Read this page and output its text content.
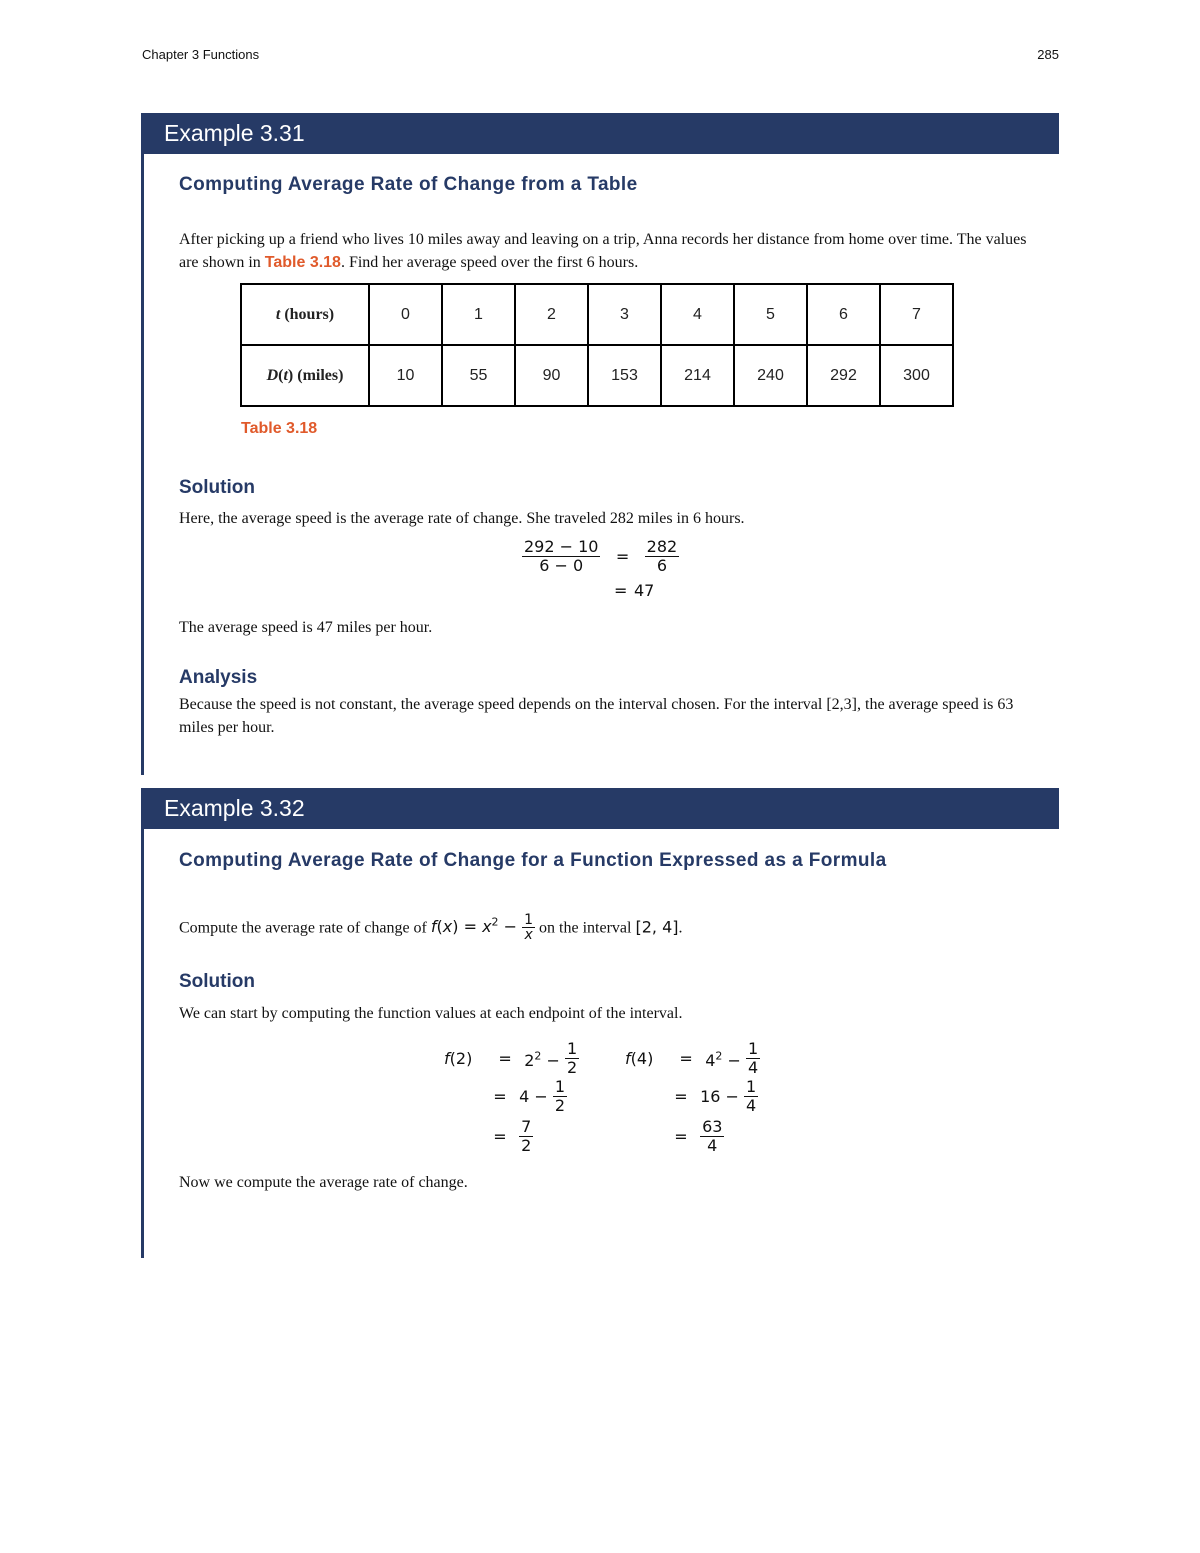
Chapter 3 Functions	285
Example 3.31
Computing Average Rate of Change from a Table
After picking up a friend who lives 10 miles away and leaving on a trip, Anna records her distance from home over time. The values are shown in Table 3.18. Find her average speed over the first 6 hours.
t (hours)	0	1	2	3	4	5	6	7
D(t) (miles)	10	55	90	153	214	240	292	300
Table 3.18
Solution
Here, the average speed is the average rate of change. She traveled 282 miles in 6 hours.
$\frac{292 - 10}{6 - 0} = \frac{282}{6}$
= 47
The average speed is 47 miles per hour.
Analysis
Because the speed is not constant, the average speed depends on the interval chosen. For the interval [2,3], the average speed is 63 miles per hour.
Example 3.32
Computing Average Rate of Change for a Function Expressed as a Formula
Compute the average rate of change of $f(x) = x^2 - \frac{1}{x}$ on the interval [2, 4].
Solution
We can start by computing the function values at each endpoint of the interval.
$f(2) = 2^2 - \frac{1}{2}$
= $4 - \frac{1}{2}$
= $\frac{7}{2}$
$f(4) = 4^2 - \frac{1}{4}$
= $16 - \frac{1}{4}$
= $\frac{63}{4}$
Now we compute the average rate of change.
